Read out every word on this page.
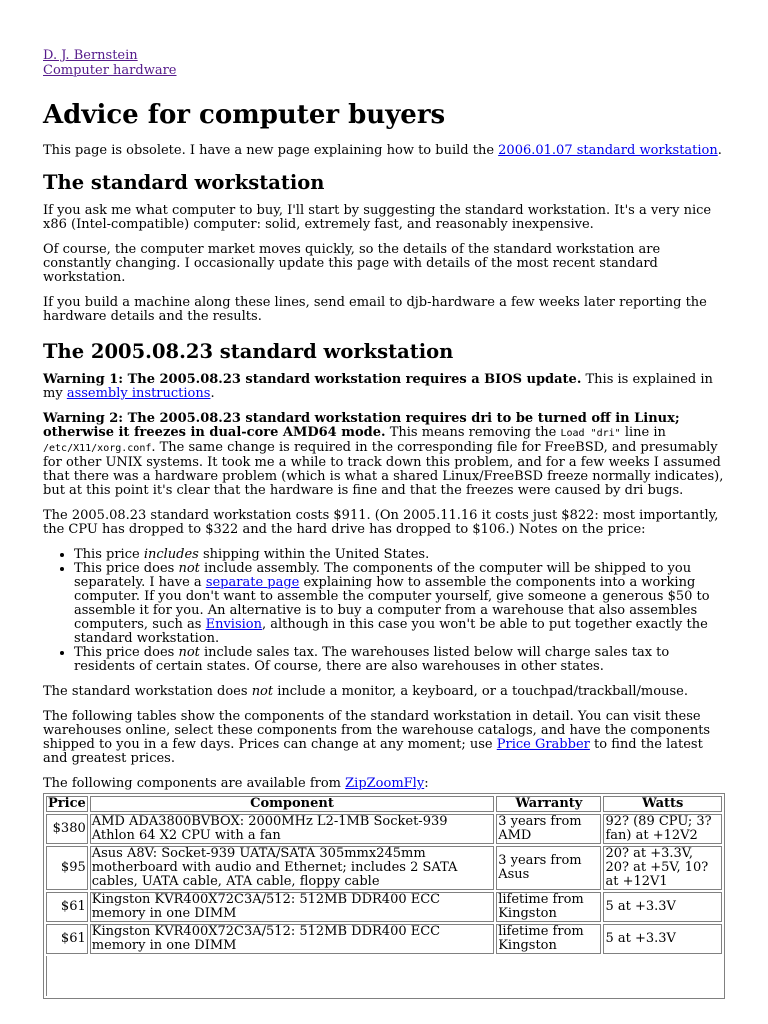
D. J. Bernstein
Computer hardware
Advice for computer buyers

This page is obsolete. I have a new page explaining how to build the 2006.01.07 standard workstation.

The standard workstation

If you ask me what computer to buy, I'll start by suggesting the standard workstation. It's a very nice x86 (Intel-compatible) computer: solid, extremely fast, and reasonably inexpensive.

Of course, the computer market moves quickly, so the details of the standard workstation are constantly changing. I occasionally update this page with details of the most recent standard workstation.

If you build a machine along these lines, send email to djb-hardware a few weeks later reporting the hardware details and the results.

The 2005.08.23 standard workstation

Warning 1: The 2005.08.23 standard workstation requires a BIOS update. This is explained in my assembly instructions.

Warning 2: The 2005.08.23 standard workstation requires dri to be turned off in Linux; otherwise it freezes in dual-core AMD64 mode. This means removing the Load "dri" line in /etc/X11/xorg.conf. The same change is required in the corresponding file for FreeBSD, and presumably for other UNIX systems. It took me a while to track down this problem, and for a few weeks I assumed that there was a hardware problem (which is what a shared Linux/FreeBSD freeze normally indicates), but at this point it's clear that the hardware is fine and that the freezes were caused by dri bugs.

The 2005.08.23 standard workstation costs $911. (On 2005.11.16 it costs just $822: most importantly, the CPU has dropped to $322 and the hard drive has dropped to $106.) Notes on the price:

• This price includes shipping within the United States.
• This price does not include assembly. The components of the computer will be shipped to you separately. I have a separate page explaining how to assemble the components into a working computer. If you don't want to assemble the computer yourself, give someone a generous $50 to assemble it for you. An alternative is to buy a computer from a warehouse that also assembles computers, such as Envision, although in this case you won't be able to put together exactly the standard workstation.
• This price does not include sales tax. The warehouses listed below will charge sales tax to residents of certain states. Of course, there are also warehouses in other states.

The standard workstation does not include a monitor, a keyboard, or a touchpad/trackball/mouse.

The following tables show the components of the standard workstation in detail. You can visit these warehouses online, select these components from the warehouse catalogs, and have the components shipped to you in a few days. Prices can change at any moment; use Price Grabber to find the latest and greatest prices.

The following components are available from ZipZoomFly:

Price	Component	Warranty	Watts
$380	AMD ADA3800BVBOX: 2000MHz L2-1MB Socket-939 Athlon 64 X2 CPU with a fan	3 years from AMD	92? (89 CPU; 3? fan) at +12V2
$95	Asus A8V: Socket-939 UATA/SATA 305mmx245mm motherboard with audio and Ethernet; includes 2 SATA cables, UATA cable, ATA cable, floppy cable	3 years from Asus	20? at +3.3V, 20? at +5V, 10? at +12V1
$61	Kingston KVR400X72C3A/512: 512MB DDR400 ECC memory in one DIMM	lifetime from Kingston	5 at +3.3V
$61	Kingston KVR400X72C3A/512: 512MB DDR400 ECC memory in one DIMM	lifetime from Kingston	5 at +3.3V
